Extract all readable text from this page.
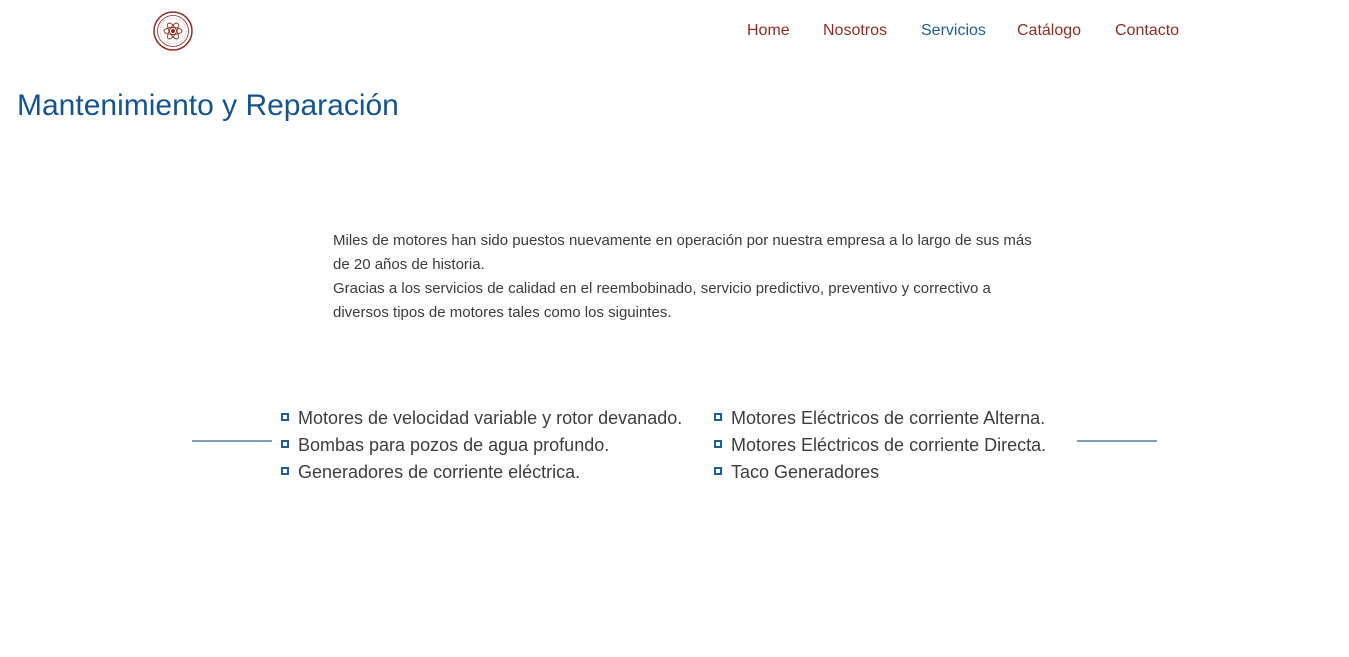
Home Nosotros Servicios Catálogo Contacto
Mantenimiento y Reparación

Miles de motores han sido puestos nuevamente en operación por nuestra empresa a lo largo de sus más de 20 años de historia.

Gracias a los servicios de calidad en el reembobinado, servicio predictivo, preventivo y correctivo a diversos tipos de motores tales como los siguintes.

Motores de velocidad variable y rotor devanado.
Bombas para pozos de agua profundo.
Generadores de corriente eléctrica.
Motores Eléctricos de corriente Alterna.
Motores Eléctricos de corriente Directa.
Taco Generadores
